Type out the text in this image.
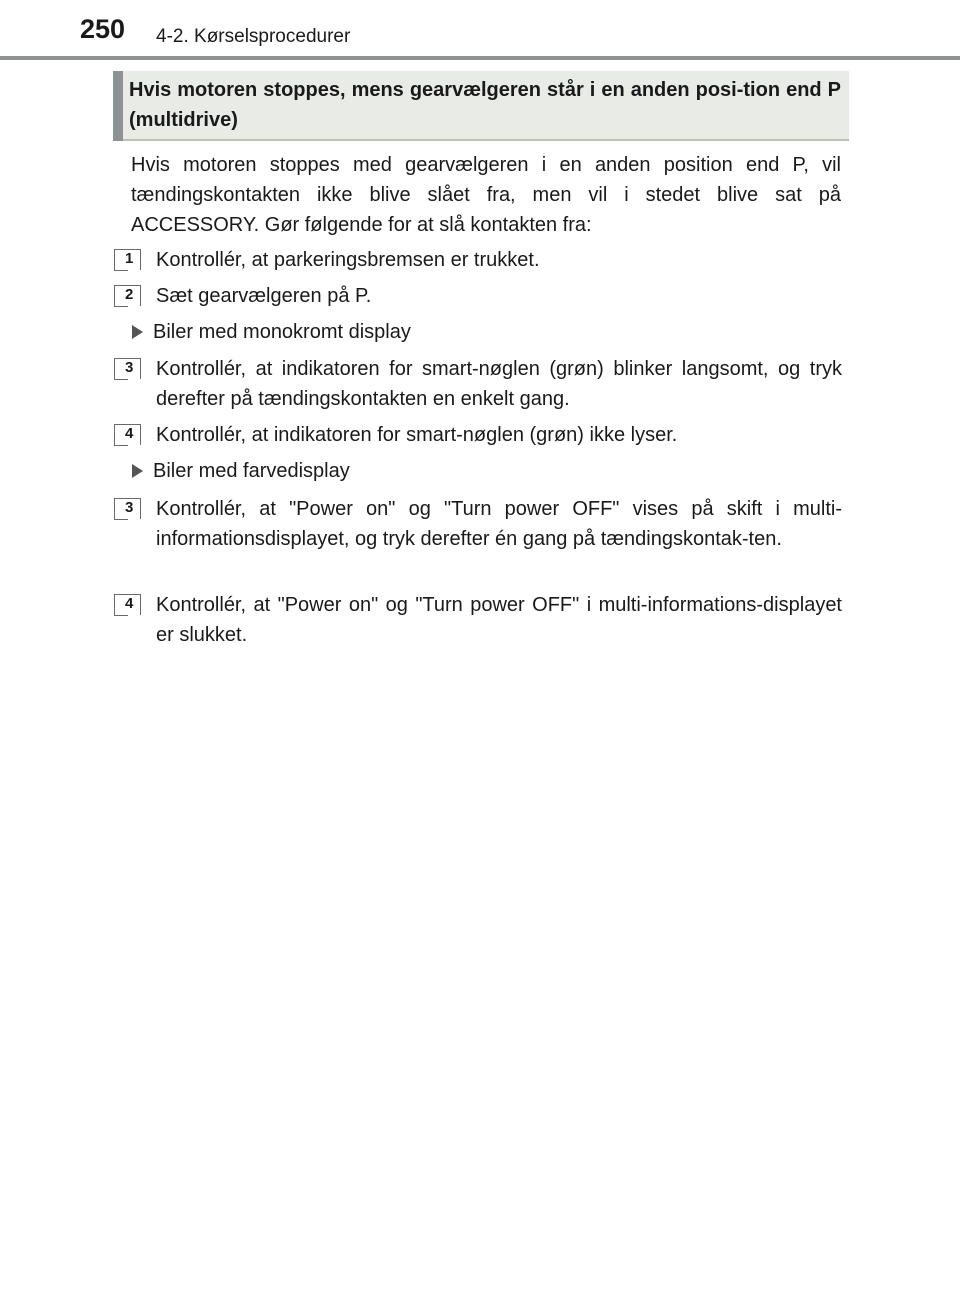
250 4-2. Kørselsprocedurer
Hvis motoren stoppes, mens gearvælgeren står i en anden posi-tion end P (multidrive)
Hvis motoren stoppes med gearvælgeren i en anden position end P, vil tændingskontakten ikke blive slået fra, men vil i stedet blive sat på ACCESSORY. Gør følgende for at slå kontakten fra:
1	Kontrollér, at parkeringsbremsen er trukket.
2	Sæt gearvælgeren på P.
Biler med monokromt display
3	Kontrollér, at indikatoren for smart-nøglen (grøn) blinker langsomt, og tryk derefter på tændingskontakten en enkelt gang.
4	Kontrollér, at indikatoren for smart-nøglen (grøn) ikke lyser.
Biler med farvedisplay
3	Kontrollér, at "Power on" og "Turn power OFF" vises på skift i multi-informationsdisplayet, og tryk derefter én gang på tændingskontak-ten.
4	Kontrollér, at "Power on" og "Turn power OFF" i multi-informations-displayet er slukket.
